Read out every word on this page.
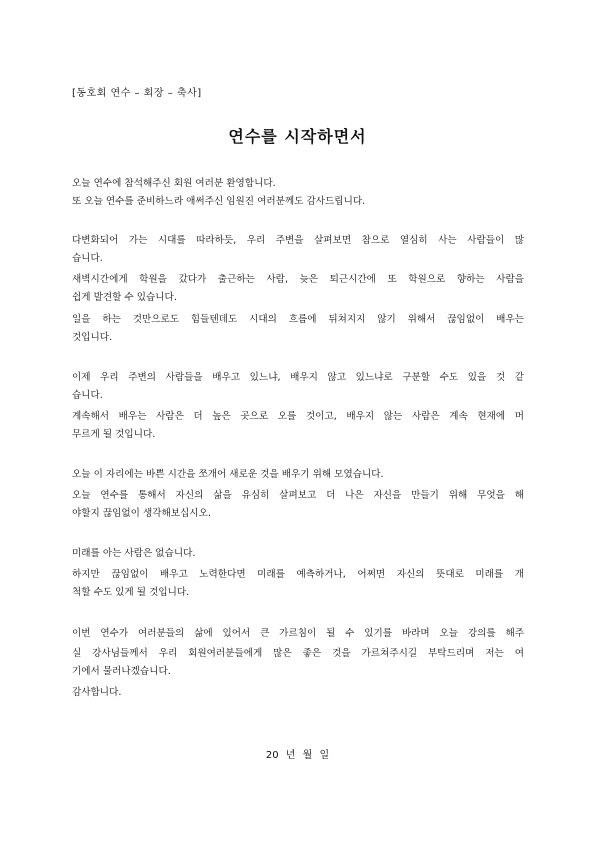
[동호회 연수 – 회장 – 축사]
연수를 시작하면서
오늘 연수에 참석해주신 회원 여러분 환영합니다.
또 오늘 연수를 준비하느라 애써주신 임원진 여러분께도 감사드립니다.
다변화되어 가는 시대를 따라하듯, 우리 주변을 살펴보면 참으로 열심히 사는 사람들이 많
습니다.
새벽시간에게 학원을 갔다가 출근하는 사람, 늦은 퇴근시간에 또 학원으로 향하는 사람을
쉽게 발견할 수 있습니다.
일을 하는 것만으로도 힘들텐데도 시대의 흐름에 뒤쳐지지 않기 위해서 끊임없이 배우는
것입니다.
이제 우리 주변의 사람들을 배우고 있느냐, 배우지 않고 있느냐로 구분할 수도 있을 것 같
습니다.
계속해서 배우는 사람은 더 높은 곳으로 오를 것이고, 배우지 않는 사람은 계속 현재에 머
무르게 될 것입니다.
오늘 이 자리에는 바쁜 시간을 쪼개어 새로운 것을 배우기 위해 모였습니다.
오늘 연수를 통해서 자신의 삶을 유심히 살펴보고 더 나은 자신을 만들기 위해 무엇을 해
야할지 끊임없이 생각해보십시오.
미래를 아는 사람은 없습니다.
하지만 끊임없이 배우고 노력한다면 미래를 예측하거나, 어쩌면 자신의 뜻대로 미래를 개
척할 수도 있게 될 것입니다.
이번 연수가 여러분들의 삶에 있어서 큰 가르침이 될 수 있기를 바라며 오늘 강의를 해주
실 강사님들께서 우리 회원여러분들에게 많은 좋은 것을 가르쳐주시길 부탁드리며 저는 여
기에서 물러나겠습니다.
감사합니다.
20 년 월 일
